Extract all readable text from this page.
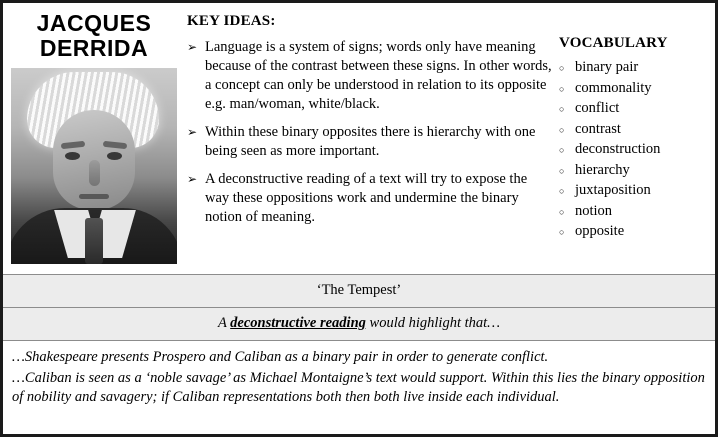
JACQUES
DERRIDA
KEY IDEAS:
➢ Language is a system of signs; words only have meaning because of the contrast between these signs. In other words, a concept can only be understood in relation to its opposite e.g. man/woman, white/black.
➢ Within these binary opposites there is hierarchy with one being seen as more important.
➢ A deconstructive reading of a text will try to expose the way these oppositions work and undermine the binary notion of meaning.
VOCABULARY
○ binary pair
○ commonality
○ conflict
○ contrast
○ deconstruction
○ hierarchy
○ juxtaposition
○ notion
○ opposite
‘The Tempest’
A deconstructive reading would highlight that…

…Shakespeare presents Prospero and Caliban as a binary pair in order to generate conflict.

…Caliban is seen as a ‘noble savage’ as Michael Montaigne’s text would support. Within this lies the binary opposition of nobility and savagery; if Caliban representations both then both live inside each individual.
